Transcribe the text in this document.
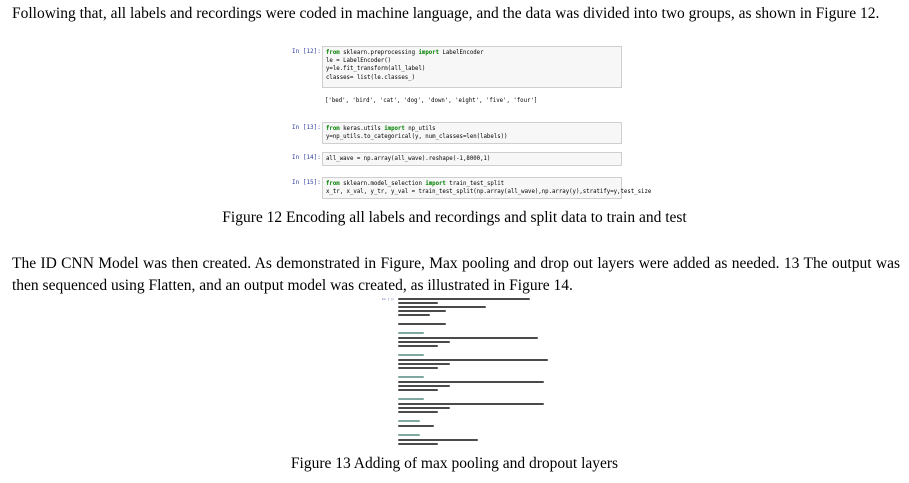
Following that, all labels and recordings were coded in machine language, and the data was divided into two groups, as shown in Figure 12.

In [12]: from sklearn.preprocessing import LabelEncoder
le = LabelEncoder()
y=le.fit_transform(all_label)
classes= list(le.classes_)
['bed', 'bird', 'cat', 'dog', 'down', 'eight', 'five', 'four']
In [13]: from keras.utils import np_utils
y=np_utils.to_categorical(y, num_classes=len(labels))
In [14]: all_wave = np.array(all_wave).reshape(-1,8000,1)
In [15]: from sklearn.model_selection import train_test_split
x_tr, x_val, y_tr, y_val = train_test_split(np.array(all_wave),np.array(y),stratify=y,test_size

Figure 12 Encoding all labels and recordings and split data to train and test

The ID CNN Model was then created. As demonstrated in Figure, Max pooling and drop out layers were added as needed. 13 The output was then sequenced using Flatten, and an output model was created, as illustrated in Figure 14.

In [ ]:

Figure 13 Adding of max pooling and dropout layers
